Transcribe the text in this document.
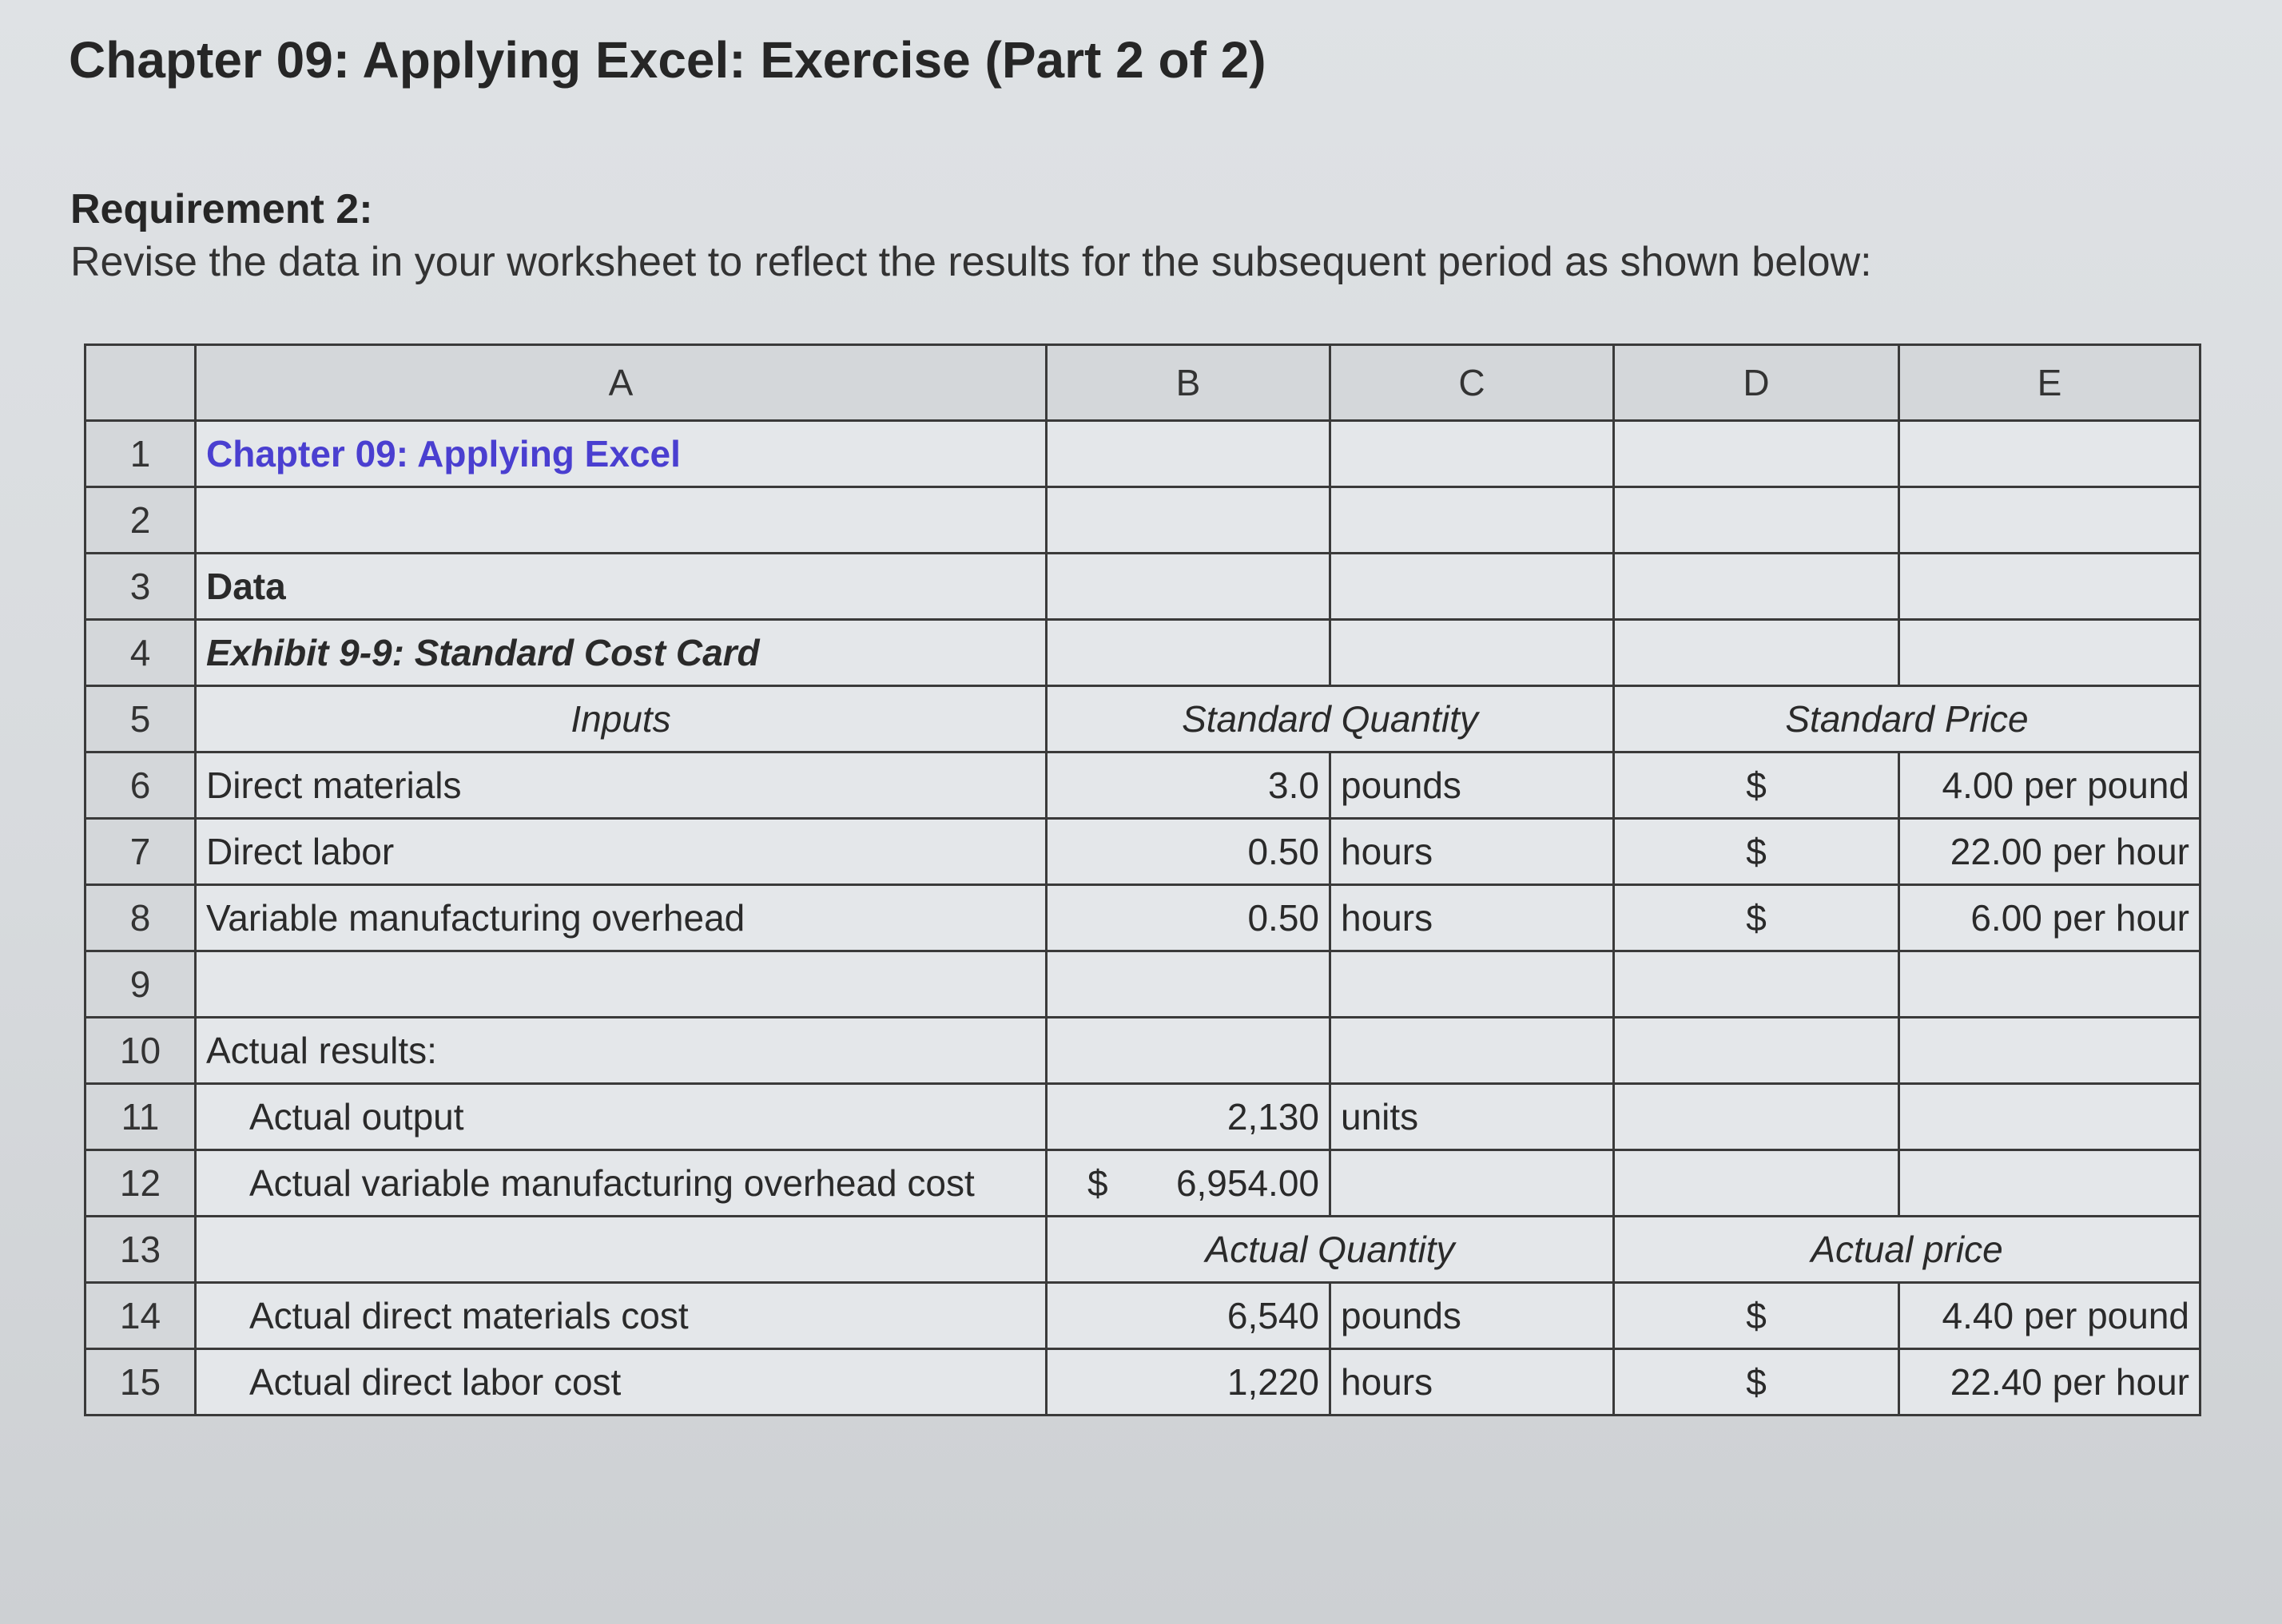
Chapter 09: Applying Excel: Exercise (Part 2 of 2)
Requirement 2:
Revise the data in your worksheet to reflect the results for the subsequent period as shown below:
	A	B	C	D	E
1	Chapter 09: Applying Excel				
2					
3	Data				
4	Exhibit 9-9: Standard Cost Card				
5	Inputs	Standard Quantity		Standard Price	
6	Direct materials	3.0	pounds	$	4.00 per pound
7	Direct labor	0.50	hours	$	22.00 per hour
8	Variable manufacturing overhead	0.50	hours	$	6.00 per hour
9					
10	Actual results:				
11	Actual output	2,130	units		
12	Actual variable manufacturing overhead cost	$ 6,954.00			

13		Actual Quantity		Actual price	
14	Actual direct materials cost	6,540	pounds	$	4.40 per pound
15	Actual direct labor cost	1,220	hours	$	22.40 per hour
